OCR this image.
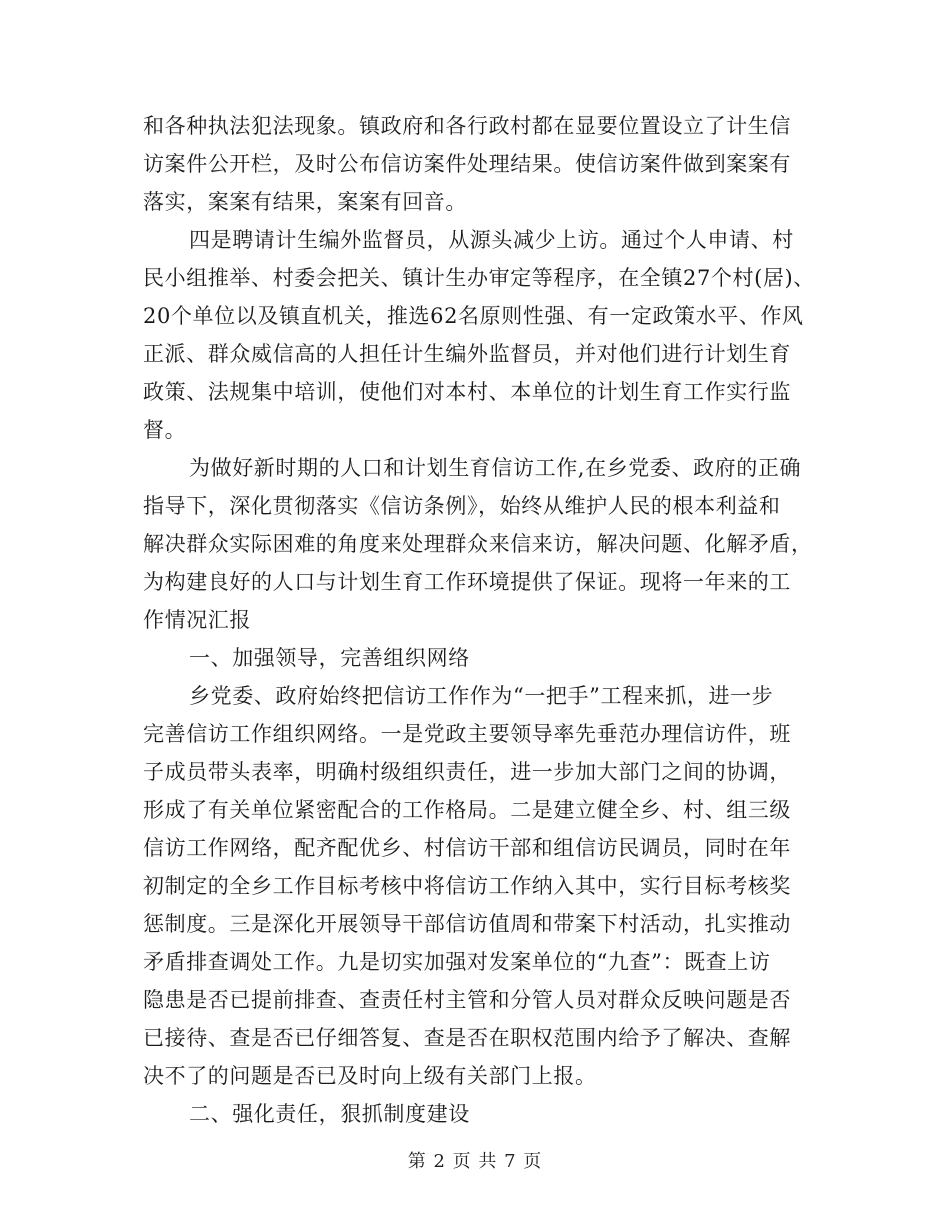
和各种执法犯法现象。镇政府和各行政村都在显要位置设立了计生信
访案件公开栏，及时公布信访案件处理结果。使信访案件做到案案有
落实，案案有结果，案案有回音。
四是聘请计生编外监督员，从源头减少上访。通过个人申请、村
民小组推举、村委会把关、镇计生办审定等程序，在全镇27个村(居)、
20个单位以及镇直机关，推选62名原则性强、有一定政策水平、作风
正派、群众威信高的人担任计生编外监督员，并对他们进行计划生育
政策、法规集中培训，使他们对本村、本单位的计划生育工作实行监
督。
为做好新时期的人口和计划生育信访工作,在乡党委、政府的正确
指导下，深化贯彻落实《信访条例》，始终从维护人民的根本利益和
解决群众实际困难的角度来处理群众来信来访，解决问题、化解矛盾，
为构建良好的人口与计划生育工作环境提供了保证。现将一年来的工
作情况汇报
一、加强领导，完善组织网络
乡党委、政府始终把信访工作作为“一把手”工程来抓，进一步
完善信访工作组织网络。一是党政主要领导率先垂范办理信访件，班
子成员带头表率，明确村级组织责任，进一步加大部门之间的协调，
形成了有关单位紧密配合的工作格局。二是建立健全乡、村、组三级
信访工作网络，配齐配优乡、村信访干部和组信访民调员，同时在年
初制定的全乡工作目标考核中将信访工作纳入其中，实行目标考核奖
惩制度。三是深化开展领导干部信访值周和带案下村活动，扎实推动
矛盾排查调处工作。九是切实加强对发案单位的“九查”：既查上访
隐患是否已提前排查、查责任村主管和分管人员对群众反映问题是否
已接待、查是否已仔细答复、查是否在职权范围内给予了解决、查解
决不了的问题是否已及时向上级有关部门上报。
二、强化责任，狠抓制度建设
第 2 页 共 7 页
